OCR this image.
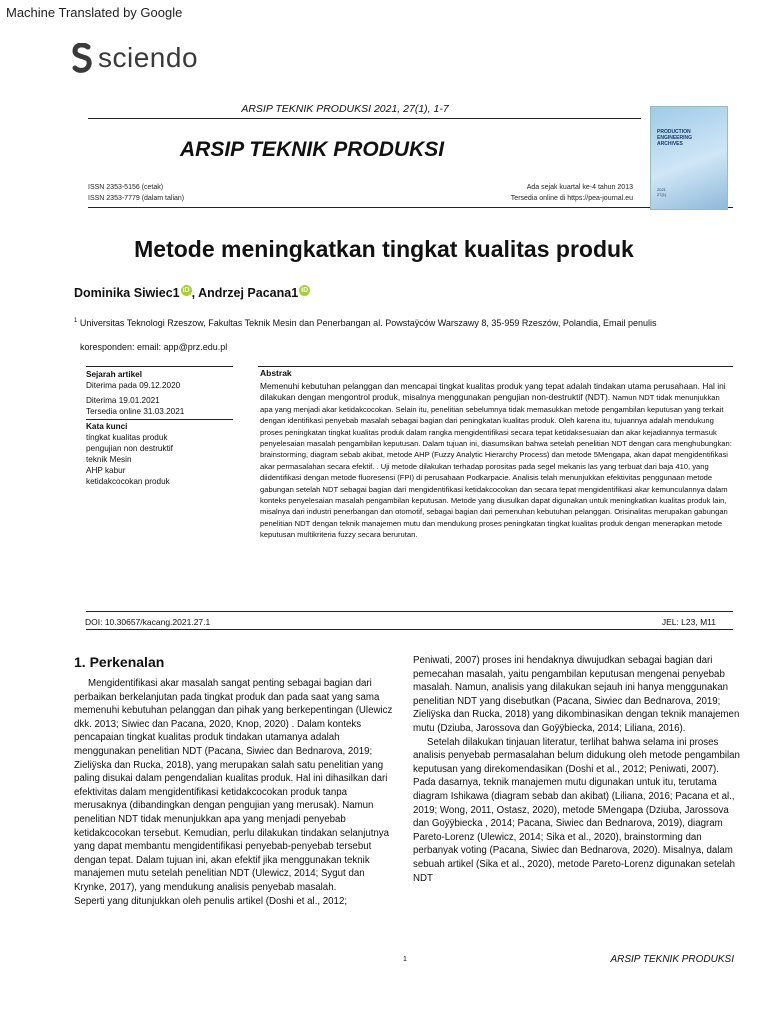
Machine Translated by Google
sciendo
ARSIP TEKNIK PRODUKSI 2021, 27(1), 1-7
ARSIP TEKNIK PRODUKSI
ISSN 2353-5156 (cetak)
ISSN 2353-7779 (dalam talian)
Ada sejak kuartal ke-4 tahun 2013
Tersedia online di https://pea-journal.eu
PRODUCTION
ENGINEERING
ARCHIVES
2021
27(1)
Metode meningkatkan tingkat kualitas produk
Dominika Siwiec1 iD , Andrzej Pacana1 iD
$^1$ Universitas Teknologi Rzeszow, Fakultas Teknik Mesin dan Penerbangan al. Powstaÿców Warszawy 8, 35-959 Rzeszów, Polandia, Email penulis
koresponden: email: app@prz.edu.pl
Sejarah artikel
Diterima pada 09.12.2020
Diterima 19.01.2021
Tersedia online 31.03.2021
Kata kunci
tingkat kualitas produk
pengujian non destruktif
teknik Mesin
AHP kabur
ketidakcocokan produk
Abstrak
Memenuhi kebutuhan pelanggan dan mencapai tingkat kualitas produk yang tepat adalah tindakan utama perusahaan. Hal ini dilakukan dengan mengontrol produk, misalnya menggunakan pengujian non-destruktif (NDT). Namun NDT tidak menunjukkan apa yang menjadi akar ketidakcocokan. Selain itu, penelitian sebelumnya tidak memasukkan metode pengambilan keputusan yang terkait dengan identifikasi penyebab masalah sebagai bagian dari peningkatan kualitas produk. Oleh karena itu, tujuannya adalah mendukung proses peningkatan tingkat kualitas produk dalam rangka mengidentifikasi secara tepat ketidaksesuaian dan akar kejadiannya termasuk penyelesaian masalah pengambilan keputusan. Dalam tujuan ini, diasumsikan bahwa setelah penelitian NDT dengan cara menghubungkan: brainstorming, diagram sebab akibat, metode AHP (Fuzzy Analytic Hierarchy Process) dan metode 5Mengapa, akan dapat mengidentifikasi akar permasalahan secara efektif. . Uji metode dilakukan terhadap porositas pada segel mekanis las yang terbuat dari baja 410, yang diidentifikasi dengan metode fluoresensi (FPI) di perusahaan Podkarpacie. Analisis telah menunjukkan efektivitas penggunaan metode gabungan setelah NDT sebagai bagian dari mengidentifikasi ketidakcocokan dan secara tepat mengidentifikasi akar kemunculannya dalam konteks penyelesaian masalah pengambilan keputusan. Metode yang diusulkan dapat digunakan untuk meningkatkan kualitas produk lain, misalnya dari industri penerbangan dan otomotif, sebagai bagian dari pemenuhan kebutuhan pelanggan. Orisinalitas merupakan gabungan penelitian NDT dengan teknik manajemen mutu dan mendukung proses peningkatan tingkat kualitas produk dengan menerapkan metode keputusan multikriteria fuzzy secara berurutan.
DOI: 10.30657/kacang.2021.27.1	JEL: L23, M11
1. Perkenalan

Mengidentifikasi akar masalah sangat penting sebagai bagian dari perbaikan berkelanjutan pada tingkat produk dan pada saat yang sama memenuhi kebutuhan pelanggan dan pihak yang berkepentingan (Ulewicz dkk. 2013; Siwiec dan Pacana, 2020, Knop, 2020) . Dalam konteks pencapaian tingkat kualitas produk tindakan utamanya adalah menggunakan penelitian NDT (Pacana, Siwiec dan Bednarova, 2019; Zieliÿska dan Rucka, 2018), yang merupakan salah satu penelitian yang paling disukai dalam pengendalian kualitas produk. Hal ini dihasilkan dari efektivitas dalam mengidentifikasi ketidakcocokan produk tanpa merusaknya (dibandingkan dengan pengujian yang merusak). Namun penelitian NDT tidak menunjukkan apa yang menjadi penyebab ketidakcocokan tersebut. Kemudian, perlu dilakukan tindakan selanjutnya yang dapat membantu mengidentifikasi penyebab-penyebab tersebut dengan tepat. Dalam tujuan ini, akan efektif jika menggunakan teknik manajemen mutu setelah penelitian NDT (Ulewicz, 2014; Sygut dan Krynke, 2017), yang mendukung analisis penyebab masalah.

Seperti yang ditunjukkan oleh penulis artikel (Doshi et al., 2012;

Peniwati, 2007) proses ini hendaknya diwujudkan sebagai bagian dari pemecahan masalah, yaitu pengambilan keputusan mengenai penyebab masalah. Namun, analisis yang dilakukan sejauh ini hanya menggunakan penelitian NDT yang disebutkan (Pacana, Siwiec dan Bednarova, 2019; Zieliÿska dan Rucka, 2018) yang dikombinasikan dengan teknik manajemen mutu (Dziuba, Jarossova dan Goÿÿbiecka, 2014; Liliana, 2016).

Setelah dilakukan tinjauan literatur, terlihat bahwa selama ini proses analisis penyebab permasalahan belum didukung oleh metode pengambilan keputusan yang direkomendasikan (Doshi et al., 2012; Peniwati, 2007). Pada dasarnya, teknik manajemen mutu digunakan untuk itu, terutama diagram Ishikawa (diagram sebab dan akibat) (Liliana, 2016; Pacana et al., 2019; Wong, 2011, Ostasz, 2020), metode 5Mengapa (Dziuba, Jarossova dan Goÿÿbiecka , 2014; Pacana, Siwiec dan Bednarova, 2019), diagram Pareto-Lorenz (Ulewicz, 2014; Sika et al., 2020), brainstorming dan perbanyak voting (Pacana, Siwiec dan Bednarova, 2020). Misalnya, dalam sebuah artikel (Sika et al., 2020), metode Pareto-Lorenz digunakan setelah NDT

1	ARSIP TEKNIK PRODUKSI
